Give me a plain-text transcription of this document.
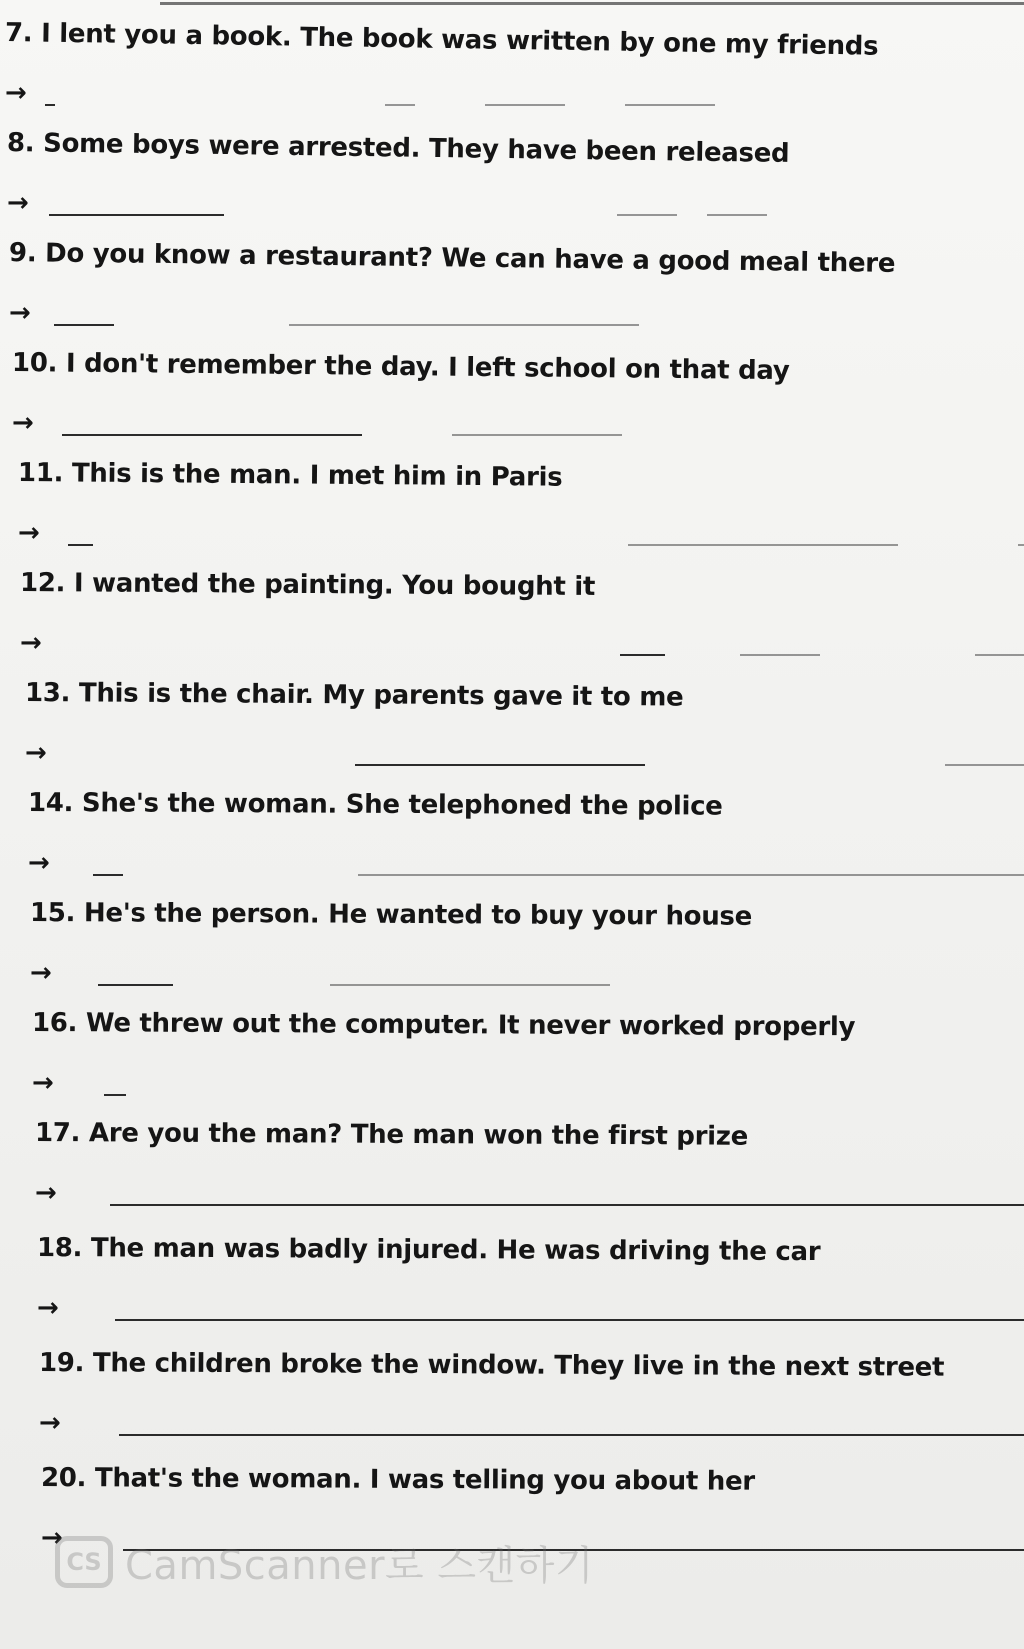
7. I lent you a book. The book was written by one my friends
→
8. Some boys were arrested. They have been released
→
9. Do you know a restaurant? We can have a good meal there
→
10. I don't remember the day. I left school on that day
→
11. This is the man. I met him in Paris
→
12. I wanted the painting. You bought it
→
13. This is the chair. My parents gave it to me
→
14. She's the woman. She telephoned the police
→
15. He's the person. He wanted to buy your house
→
16. We threw out the computer. It never worked properly
→
17. Are you the man? The man won the first prize
→
18. The man was badly injured. He was driving the car
→
19. The children broke the window. They live in the next street
→
20. That's the woman. I was telling you about her
→
CS CamScanner로 스캔하기
